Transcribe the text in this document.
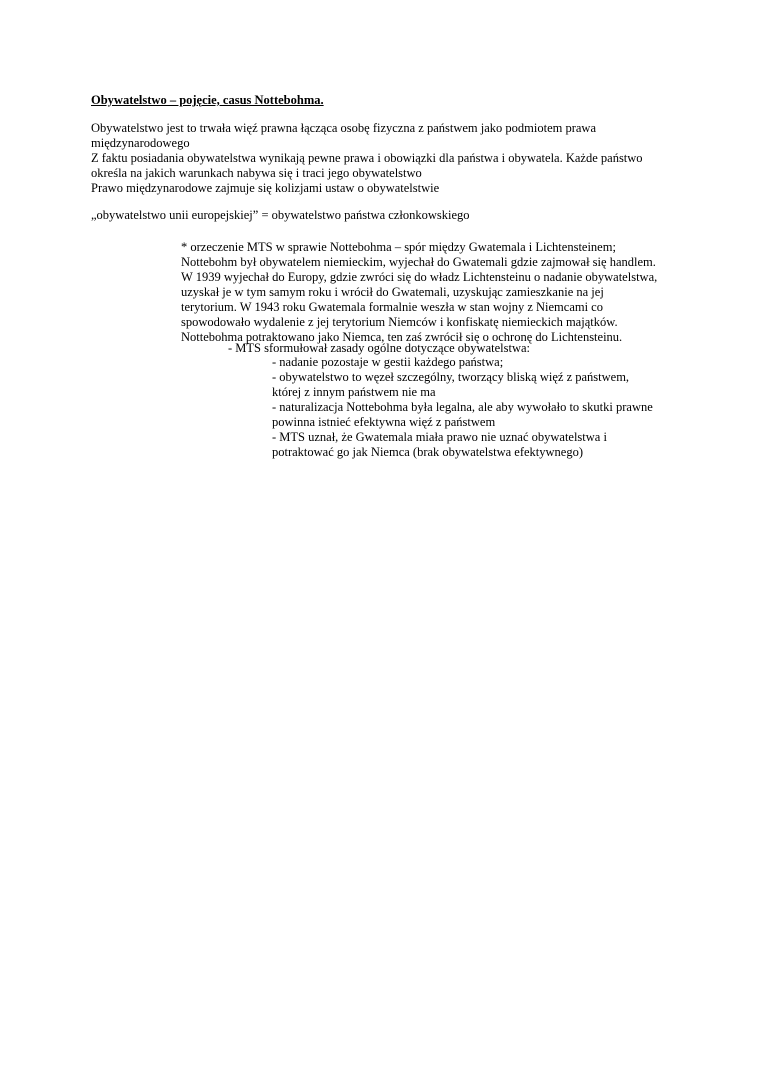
Obywatelstwo – pojęcie, casus Nottebohma.
Obywatelstwo jest to trwała więź prawna łącząca osobę fizyczna z państwem jako podmiotem prawa
międzynarodowego
Z faktu posiadania obywatelstwa wynikają pewne prawa i obowiązki dla państwa i obywatela. Każde państwo
określa na jakich warunkach nabywa się i traci jego obywatelstwo
Prawo międzynarodowe zajmuje się kolizjami ustaw o obywatelstwie
„obywatelstwo unii europejskiej” = obywatelstwo państwa członkowskiego
* orzeczenie MTS w sprawie Nottebohma – spór między Gwatemala i Lichtensteinem;
Nottebohm był obywatelem niemieckim, wyjechał do Gwatemali gdzie zajmował się handlem.
W 1939 wyjechał do Europy, gdzie zwróci się do władz Lichtensteinu o nadanie obywatelstwa,
uzyskał je w tym samym roku i wrócił do Gwatemali, uzyskując zamieszkanie na jej
terytorium. W 1943 roku Gwatemala formalnie weszła w stan wojny z Niemcami co
spowodowało wydalenie z jej terytorium Niemców i konfiskatę niemieckich majątków.
Nottebohma potraktowano jako Niemca, ten zaś zwrócił się o ochronę do Lichtensteinu.
- MTS sformułował zasady ogólne dotyczące obywatelstwa:
- nadanie pozostaje w gestii każdego państwa;
- obywatelstwo to węzeł szczególny, tworzący bliską więź z państwem,
której z innym państwem nie ma
- naturalizacja Nottebohma była legalna, ale aby wywołało to skutki prawne
powinna istnieć efektywna więź z państwem
- MTS uznał, że Gwatemala miała prawo nie uznać obywatelstwa i
potraktować go jak Niemca (brak obywatelstwa efektywnego)
